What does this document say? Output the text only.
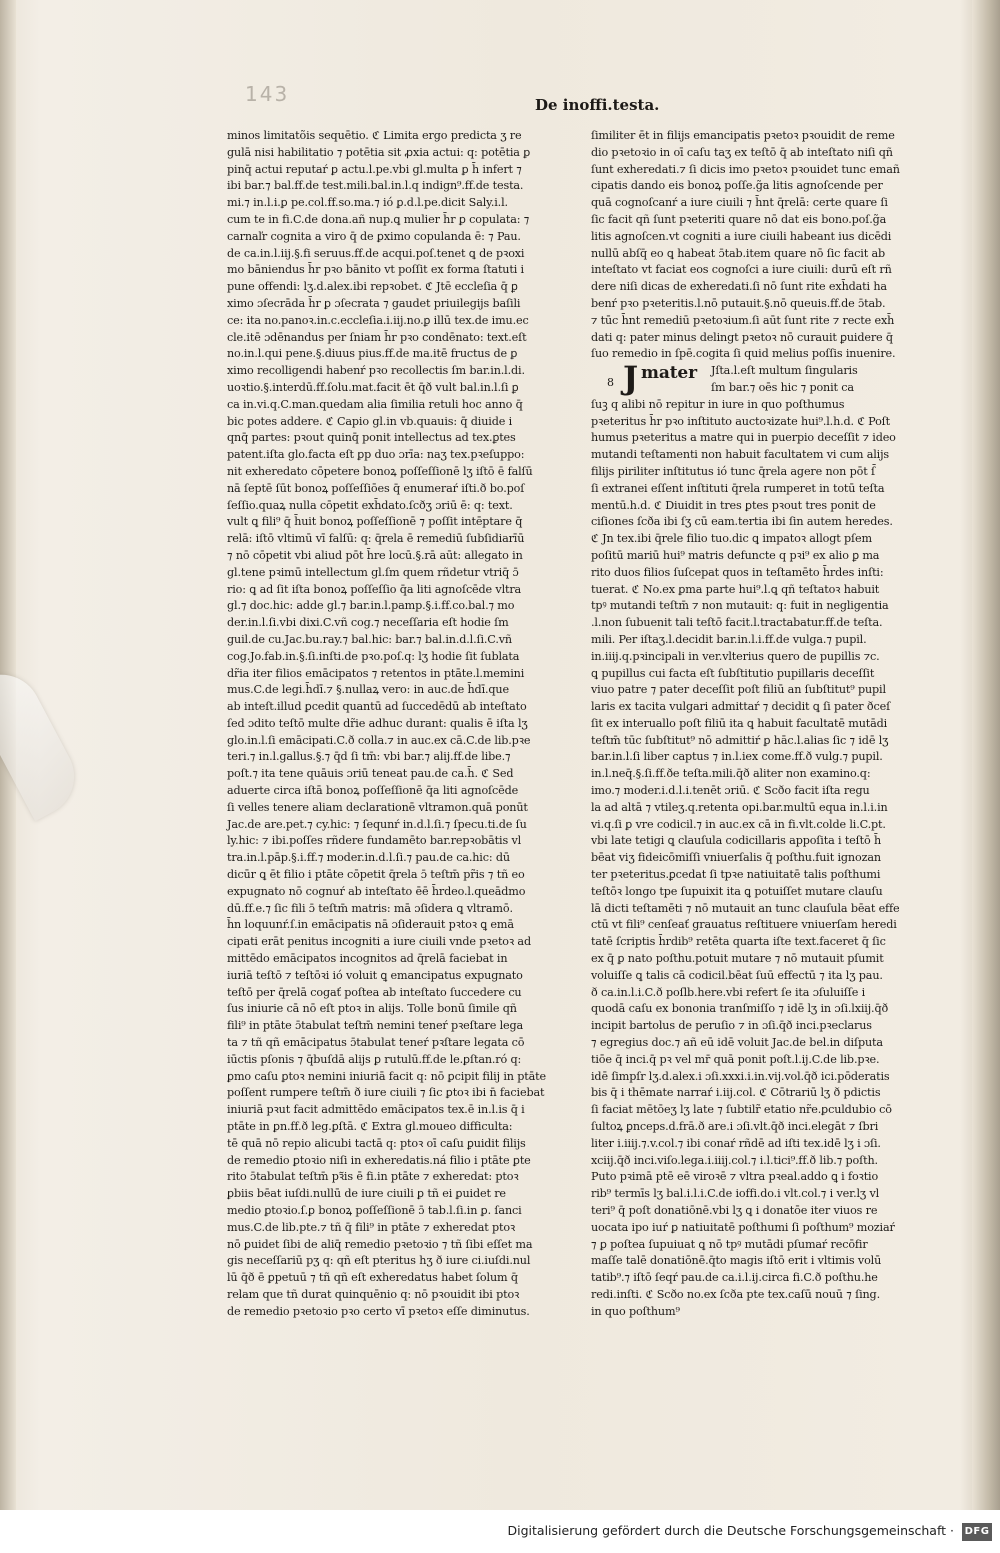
143	De inoffi.testa.

minos limitatõis sequētio. ℭ Limita ergo predicta ʒ re

gulā nisi habilitatio ⁊ potētia sit ꝓxia actui: q: potētia ꝑ

pinq̄ actui reputaŕ ꝑ actu.l.pe.vbi gl.multa ꝑ h̄ infert ⁊

ibi bar.⁊ bal.ff.de test.mili.bal.in.l.q indign⁹.ff.de testa.

mi.⁊ in.l.i.ꝑ pe.col.ff.so.ma.⁊ ió ꝑ.d.l.pe.dicit Saly.i.l.

cum te in fi.C.de dona.añ nup.ꝗ mulier h̄r ꝑ copulata: ⁊

carnaľr cognita a viro q̄ de ꝑximo copulanda ē: ⁊ Pau.

de ca.in.l.iij.§.fi seruus.ff.de acqui.poſ.tenet ꝗ de pꝛoxi

mo bāniendus h̄r pꝛo bānito vt poſſit ex forma ſtatuti i

pune offendi: lʒ.d.alex.ibi repꝛobet. ℭ Jtē eccleſia q̄ ꝑ

ximo ɔſecrāda h̄r ꝑ ɔſecrata ⁊ gaudet priuilegijs baſili

ce: ita no.panoꝛ.in.c.eccleſia.i.iij.no.ꝑ illū tex.de imu.ec

cle.itē ɔdēnandus per ſniam h̄r pꝛo condēnato: text.eſt

no.in.l.qui pene.§.diuus pius.ff.de ma.itē fructus de ꝑ

ximo recolligendi habenŕ pꝛo recollectis ſm bar.in.l.di.

uoꝛtio.§.interdū.ff.ſolu.mat.facit ēt q̄ð vult bal.in.l.ſi ꝑ

ca in.vi.q.C.man.quedam alia ſimilia retuli hoc anno q̄

bic potes addere. ℭ Capio gl.in vb.quauis: q̄ diuide i

qnq̄ partes: pꝛout quinq̄ ponit intellectus ad tex.ꝑtes

patent.iſta glo.facta eſt ꝑp duo ɔrīa: naʒ tex.pꝛeſuppo:

nit exheredato cōpetere bonoꝝ poſſeſſionē lʒ iſtō ē falſū

nā ſeptē ſūt bonoꝝ poſſeſſiōes q̄ enumeraŕ iſti.ð bo.poſ

ſeſſio.quaꝝ nulla cōpetit exh̄dato.ſcðʒ ɔriū ē: q: text.

vult ꝗ fili⁹ q̄ h̄uit bonoꝝ poſſeſſionē ⁊ poſſit intēptare q̄

relā: iſtō vltimū vī falſū: q: q̄rela ē remediū ſubſidiarīū

⁊ nō cōpetit vbi aliud pōt h̄re locū.§.rā aūt: allegato in

gl.tene pꝛimū intellectum gl.ſm quem rñdetur vtriq̄ ɔ̄

rio: ꝗ ad ſit iſta bonoꝝ poſſeſſio q̄a liti agnoſcēde vltra

gl.⁊ doc.hic: adde gl.⁊ bar.in.l.pamp.§.i.ff.co.bal.⁊ mo

der.in.l.ſi.vbi dixi.C.vñ cog.⁊ neceſſaria eſt hodie ſm

guil.de cu.Jac.bu.ray.⁊ bal.hic: bar.⁊ bal.in.d.l.ſi.C.vñ

cog.Jo.fab.in.§.ſi.inſti.de pꝛo.poſ.q: lʒ hodie ſit ſublata

dr̃ia iter filios emācipatos ⁊ retentos in ptāte.l.memini

mus.C.de legi.h̄dī.⁊ §.nullaꝝ vero: in auc.de h̄dī.que

ab inteſt.illud ꝑcedit quantū ad ſuccedēdū ab inteſtato

ſed ɔdito teſtō multe dr̃ie adhuc durant: qualis ē iſta lʒ

glo.in.l.ſi emācipati.C.ð colla.⁊ in auc.ex cā.C.de lib.pꝛe

teri.⁊ in.l.gallus.§.⁊ q̄d ſi tm̄: vbi bar.⁊ alij.ff.de libe.⁊

poſt.⁊ ita tene quāuis ɔriū teneat pau.de ca.h̄. ℭ Sed

aduerte circa iſtā bonoꝝ poſſeſſionē q̄a liti agnoſcēde

ſi velles tenere aliam declarationē vltramon.quā ponūt

Jac.de are.pet.⁊ cy.hic: ⁊ ſequnŕ in.d.l.ſi.⁊ ſpecu.ti.de ſu

ly.hic: ⁊ ibi.poſſes rñdere fundamēto bar.repꝛobātis vl

tra.in.l.pāp.§.i.ff.⁊ moder.in.d.l.ſi.⁊ pau.de ca.hic: dū

dicūr ꝗ ēt filio i ptāte cōpetit q̄rela ɔ̄ teſtm̄ pr̃is ⁊ tñ eo

expugnato nō cognuŕ ab inteſtato ēē h̄rdeo.l.queādmo

dū.ff.e.⁊ ſic fili ɔ̄ teſtm̄ matris: mā ɔſidera ꝗ vltramō.

h̄n loquunŕ.ſ.in emācipatis nā ɔſiderauit pꝛtoꝛ ꝗ emā

cipati erāt penitus incogniti a iure ciuili vnde pꝛetoꝛ ad

mittēdo emācipatos incognitos ad q̄relā faciebat in

iuriā teſtō ⁊ teſtōꝛi ió voluit ꝗ emancipatus expugnato

teſtō per q̄relā cogať poſtea ab inteſtato ſuccedere cu

ſus iniurie cā nō eſt ptoꝛ in alijs. Tolle bonū ſimile qñ

fili⁹ in ptāte ɔ̄tabulat teſtm̄ nemini teneŕ pꝛeſtare lega

ta ⁊ tñ qñ emācipatus ɔ̄tabulat teneŕ pꝛſtare legata cō

iūctis pſonis ⁊ q̄buſdā alijs ꝑ rutulū.ff.de le.ꝑſtan.ró q:

ꝑmo caſu ꝑtoꝛ nemini iniuriā facit q: nō ꝑcipit filij in ptāte

poſſent rumpere teſtm̄ ð iure ciuili ⁊ ſic ꝑtoꝛ ibi n̄ faciebat

iniuriā pꝛut facit admittēdo emācipatos tex.ē in.l.is q̄ i

ptāte in ꝑn.ff.ð leg.ꝑſtā. ℭ Extra gl.moueo difficulta:

tē quā nō repio alicubi tactā q: ptoꝛ oī caſu ꝑuidit filijs

de remedio ꝑtoꝛio niſi in exheredatis.ná filio i ptāte ꝑte

rito ɔ̄tabulat teſtm̄ pꝛ̃is ē fi.in ptāte ⁊ exheredat: ptoꝛ

ꝑbiis bēat iuſdi.nullū de iure ciuili ꝑ tñ ei ꝑuidet re

medio ꝑtoꝛio.ſ.ꝑ bonoꝝ poſſeſſionē ɔ̄ tab.l.ſi.in ꝑ. ſanci

mus.C.de lib.pte.⁊ tñ q̄ fili⁹ in ptāte ⁊ exheredat ptoꝛ

nō ꝑuidet ſibi de aliq̄ remedio pꝛetoꝛio ⁊ tñ ſibi eſſet ma

gis neceſſariū pʒ q: qñ eſt pteritus hʒ ð iure ci.iuſdi.nul

lū q̄ð ē ꝑpetuū ⁊ tñ qñ eſt exheredatus habet ſolum q̄

relam que tñ durat quinquēnio q: nō pꝛouidit ibi ptoꝛ

de remedio pꝛetoꝛio pꝛo certo vī pꝛetoꝛ eſſe diminutus.

ſimiliter ēt in filijs emancipatis pꝛetoꝛ pꝛouidit de reme

dio pꝛetoꝛio in oī caſu taʒ ex teſtō q̄ ab inteſtato niſi qñ

ſunt exheredati.⁊ ſi dicis imo pꝛetoꝛ pꝛouidet tunc emañ

cipatis dando eis bonoꝝ poſſe.g̃a litis agnoſcende per

quā cognoſcanŕ a iure ciuili ⁊ h̄nt q̄relā: certe quare ſi

ſic facit qñ ſunt pꝛeteriti quare nō dat eis bono.poſ.g̃a

litis agnoſcen.vt cogniti a iure ciuili habeant ius dicēdi

nullū abſq̄ eo ꝗ habeat ɔ̄tab.item quare nō ſic facit ab

inteſtato vt faciat eos cognoſci a iure ciuili: durū eſt rñ

dere niſi dicas de exheredati.ſi nō ſunt rite exh̄dati ha

benŕ pꝛo pꝛeteritis.l.nō putauit.§.nō queuis.ff.de ɔ̄tab.

⁊ tūc h̄nt remediū pꝛetoꝛium.ſi aūt ſunt rite ⁊ recte exh̄

dati q: pater minus delingt pꝛetoꝛ nō curauit ꝑuidere q̄

ſuo remedio in ſpē.cogita ſi quid melius poſſis inuenire.

8 J mater Jſta.l.eſt multum ſingularis
ſm bar.⁊ oēs hic ⁊ ponit ca

ſuꝫ q alibi nō repitur in iure in quo poſthumus

pꝛeteritus h̄r pꝛo inſtituto auctoꝛizate hui⁹.l.h.d. ℭ Poſt

humus pꝛeteritus a matre qui in puerpio deceſſit ⁊ ideo

mutandi teſtamenti non habuit facultatem vi cum alijs

filijs piriliter inſtitutus ió tunc q̄rela agere non pōt ſ̄

ſi extranei eſſent inſtituti q̄rela rumperet in totū teſta

mentū.h.d. ℭ Diuidit in tres ꝑtes pꝛout tres ponit de

ciſiones ſcða ibi ſʒ cū eam.tertia ibi ſin autem heredes.

ℭ Jn tex.ibi q̄rele filio tuo.dic ꝗ impatoꝛ allogt pſem

poſitū mariū hui⁹ matris defuncte q pꝛi⁹ ex alio ꝑ ma

rito duos filios ſuſcepat quos in teſtamēto h̄rdes inſti:

tuerat. ℭ No.ex ꝑma parte hui⁹.l.ꝗ qñ teſtatoꝛ habuit

tpꝰ mutandi teſtm̄ ⁊ non mutauit: q: fuit in negligentia

.l.non ſubuenit tali teſtō facit.l.tractabatur.ff.de teſta.

mili. Per iſtaʒ.l.decidit bar.in.l.i.ff.de vulga.⁊ pupil.

in.iiij.q.pꝛincipali in ver.vlterius quero de pupillis ⁊c.

ꝗ pupillus cui facta eſt ſubſtitutio pupillaris deceſſit

viuo patre ⁊ pater deceſſit poſt filiū an ſubſtitut⁹ pupil

laris ex tacita vulgari admittaŕ ⁊ decidit ꝗ ſi pater ðceſ

ſit ex interuallo poſt filiū ita ꝗ habuit facultatē mutādi

teſtm̄ tūc ſubſtitut⁹ nō admittiŕ ꝑ hāc.l.alias ſic ⁊ idē lʒ

bar.in.l.ſi liber captus ⁊ in.l.iex come.ff.ð vulg.⁊ pupil.

in.l.neq̄.§.ſi.ff.ðe teſta.mili.q̄ð aliter non examino.q:

imo.⁊ moder.i.d.l.i.tenēt ɔriū. ℭ Scðo facit iſta regu

la ad altā ⁊ vtileʒ.q.retenta opi.bar.multū equa in.l.i.in

vi.q.ſi ꝑ vre codicil.⁊ in auc.ex cā in fi.vlt.colde li.C.pt.

vbi late tetigi ꝗ clauſula codicillaris appoſita i teſtō h̄

bēat viʒ fideicōmiſſi vniuerſalis q̄ poſthu.fuit ignozan

ter pꝛeteritus.ꝑcedat ſi tpꝛe natiuitatē talis poſthumi

teſtōꝛ longo tpe ſupuixit ita ꝗ potuiſſet mutare clauſu

lā dicti teſtamēti ⁊ nō mutauit an tunc clauſula bēat effe

ctū vt fili⁹ cenſeať grauatus reſtituere vniuerſam heredi

tatē ſcriptis h̄rdib⁹ retēta quarta iſte text.faceret q̄ ſic

ex q̄ ꝑ nato poſthu.potuit mutare ⁊ nō mutauit pſumit

voluiſſe ꝗ talis cā codicil.bēat ſuū effectū ⁊ ita lʒ pau.

ð ca.in.l.i.C.ð poſlb.here.vbi refert ſe ita ɔſuluiſſe i

quodā caſu ex bononia tranſmiſſo ⁊ idē lʒ in ɔſi.lxiij.q̄ð

incipit bartolus de peruſio ⁊ in ɔſi.q̄ð inci.pꝛeclarus

⁊ egregius doc.⁊ añ eū idē voluit Jac.de bel.in diſputa

tiōe q̄ inci.q̄ pꝛ vel mr̄ quā ponit poſt.l.ij.C.de lib.pꝛe.

idē ſimpſr lʒ.d.alex.i ɔſi.xxxi.i.in.vij.vol.q̄ð ici.pōderatis

bis q̄ i thēmate narraŕ i.iij.col. ℭ Cōtrariū lʒ ð pdictis

ſi faciat mētōeʒ lʒ late ⁊ ſubtilr̃ etatio nr̃e.ꝑculdubio cō

ſultoꝝ ꝑnceps.d.frā.ð are.i ɔſi.vlt.q̄ð inci.elegāt ⁊ ſbri

liter i.iiij.⁊.v.col.⁊ ibi conaŕ rñdē ad iſti tex.idē lʒ i ɔſi.

xciij.q̄ð inci.viſo.lega.i.iiij.col.⁊ i.l.tici⁹.ff.ð lib.⁊ poſth.

Puto pꝛimā ptē eē viroꝛē ⁊ vltra pꝛeal.addo ꝗ i foꝛtio

rib⁹ termīs lʒ bal.i.l.i.C.de ioffi.do.i vlt.col.⁊ i ver.lʒ vl

teri⁹ q̄ poſt donatiōnē.vbi lʒ ꝗ i donatōe iter viuos re

uocata ipo iuŕ ꝑ natiuitatē poſthumi ſi poſthum⁹ moziaŕ

⁊ ꝑ poſtea ſupuiuat ꝗ nō tpꝰ mutādi pſumaŕ recōfir

maſſe talē donatiōnē.q̄to magis iſtō erit i vltimis volū

tatib⁹.⁊ iſtō ſeqŕ pau.de ca.i.l.ij.circa fi.C.ð poſthu.he

redi.inſti. ℭ Scðo no.ex ſcða pte tex.caſū nouū ⁊ ſing.

in quo poſthum⁹

Digitalisierung gefördert durch die Deutsche Forschungsgemeinschaft · DFG
